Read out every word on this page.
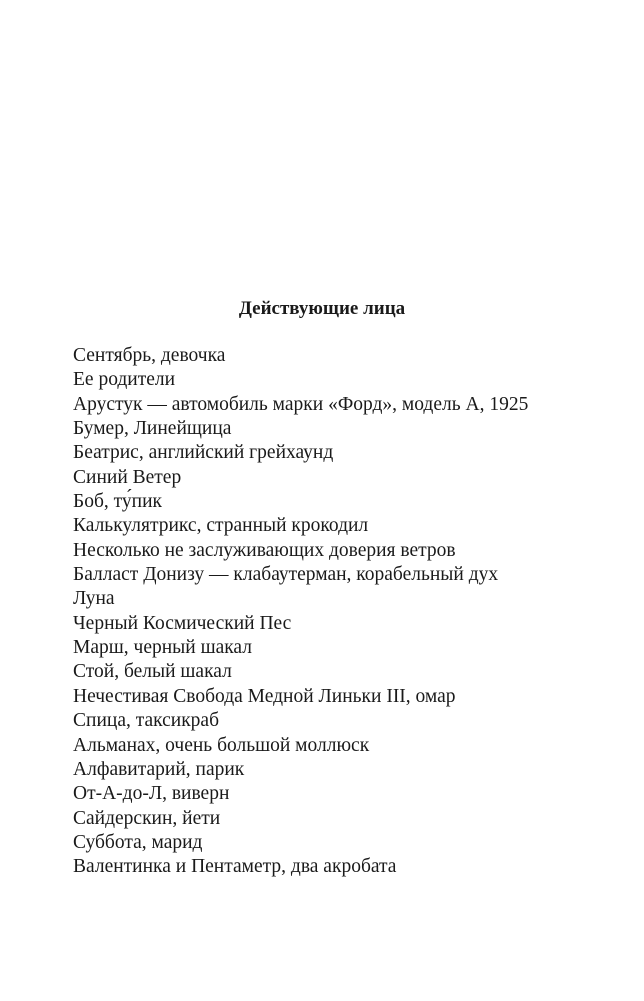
Действующие лица
Сентябрь, девочка
Ее родители
Арустук — автомобиль марки «Форд», модель А, 1925
Бумер, Линейщица
Беатрис, английский грейхаунд
Синий Ветер
Боб, ту́пик
Калькулятрикс, странный крокодил
Несколько не заслуживающих доверия ветров
Балласт Донизу — клабаутерман, корабельный дух
Луна
Черный Космический Пес
Марш, черный шакал
Стой, белый шакал
Нечестивая Свобода Медной Линьки III, омар
Спица, таксикраб
Альманах, очень большой моллюск
Алфавитарий, парик
От-А-до-Л, виверн
Сайдерскин, йети
Суббота, марид
Валентинка и Пентаметр, два акробата
